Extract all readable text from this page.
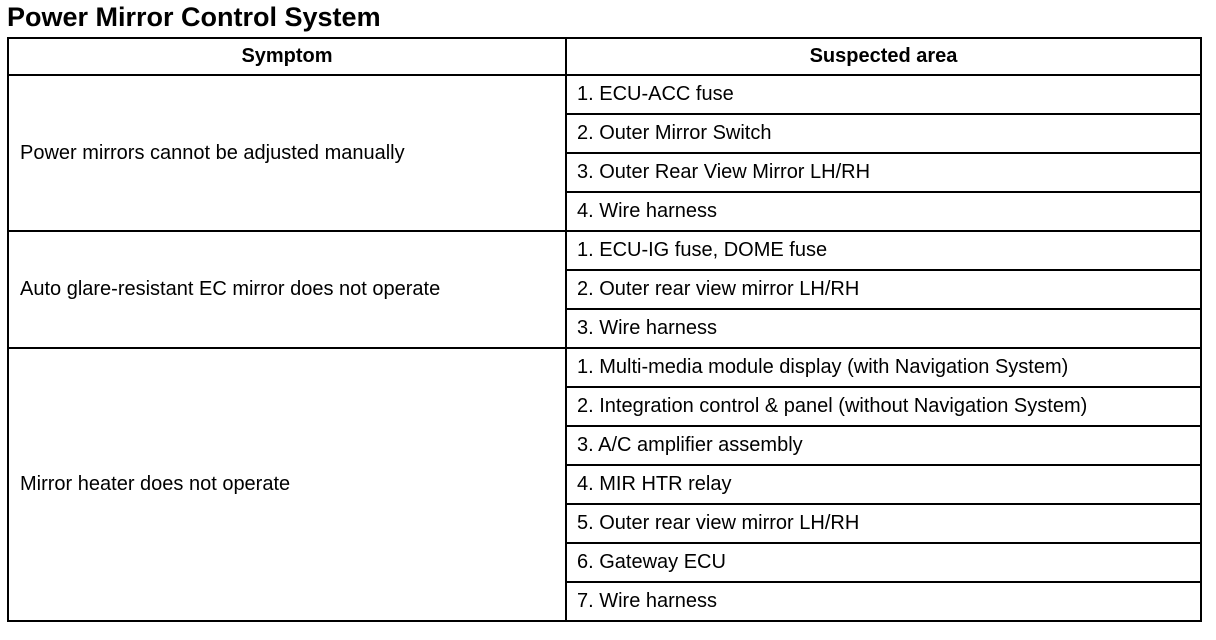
Power Mirror Control System
Symptom	Suspected area
Power mirrors cannot be adjusted manually	1. ECU-ACC fuse
	2. Outer Mirror Switch
	3. Outer Rear View Mirror LH/RH
	4. Wire harness
Auto glare-resistant EC mirror does not operate	1. ECU-IG fuse, DOME fuse
	2. Outer rear view mirror LH/RH
	3. Wire harness
Mirror heater does not operate	1. Multi-media module display (with Navigation System)
	2. Integration control & panel (without Navigation System)
	3. A/C amplifier assembly
	4. MIR HTR relay
	5. Outer rear view mirror LH/RH
	6. Gateway ECU
	7. Wire harness
